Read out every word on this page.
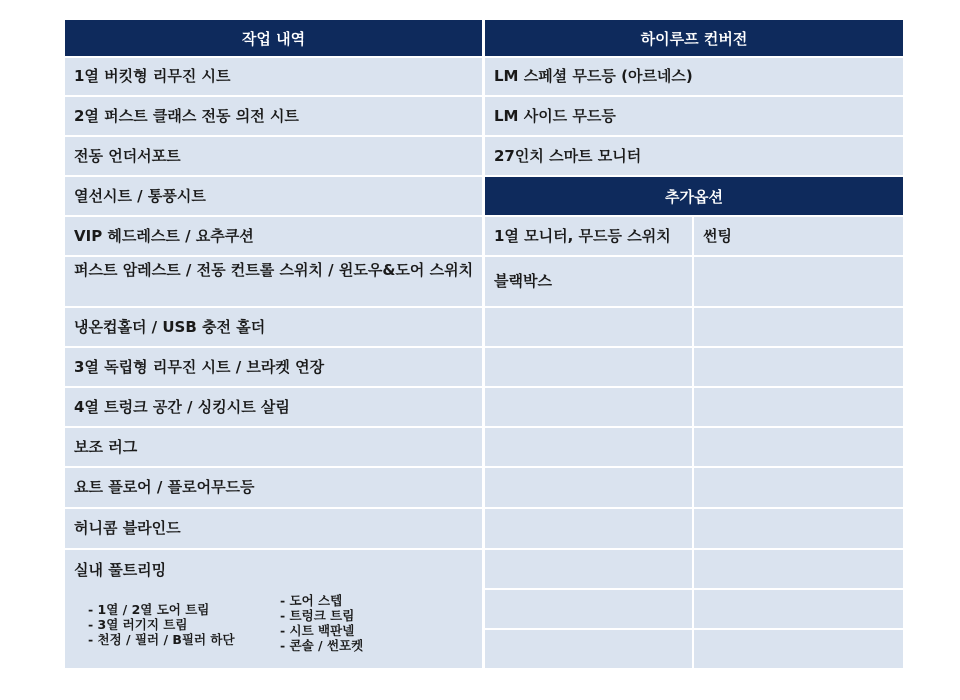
작업 내역
1열 버킷형 리무진 시트
2열 퍼스트 클래스 전동 의전 시트
전동 언더서포트
열선시트 / 통풍시트
VIP 헤드레스트 / 요추쿠션
퍼스트 암레스트 / 전동 컨트롤 스위치 / 윈도우&도어 스위치
냉온컵홀더 / USB 충전 홀더
3열 독립형 리무진 시트 / 브라켓 연장
4열 트렁크 공간 / 싱킹시트 살림
보조 러그
요트 플로어 / 플로어무드등
허니콤 블라인드
실내 풀트리밍
- 1열 / 2열 도어 트림
- 3열 러기지 트림
- 천정 / 필러 / B필러 하단
- 도어 스텝
- 트렁크 트림
- 시트 백판넬
- 콘솔 / 썬포켓
하이루프 컨버전
LM 스페셜 무드등 (아르네스)
LM 사이드 무드등
27인치 스마트 모니터
추가옵션
1열 모니터, 무드등 스위치	썬팅
블랙박스
